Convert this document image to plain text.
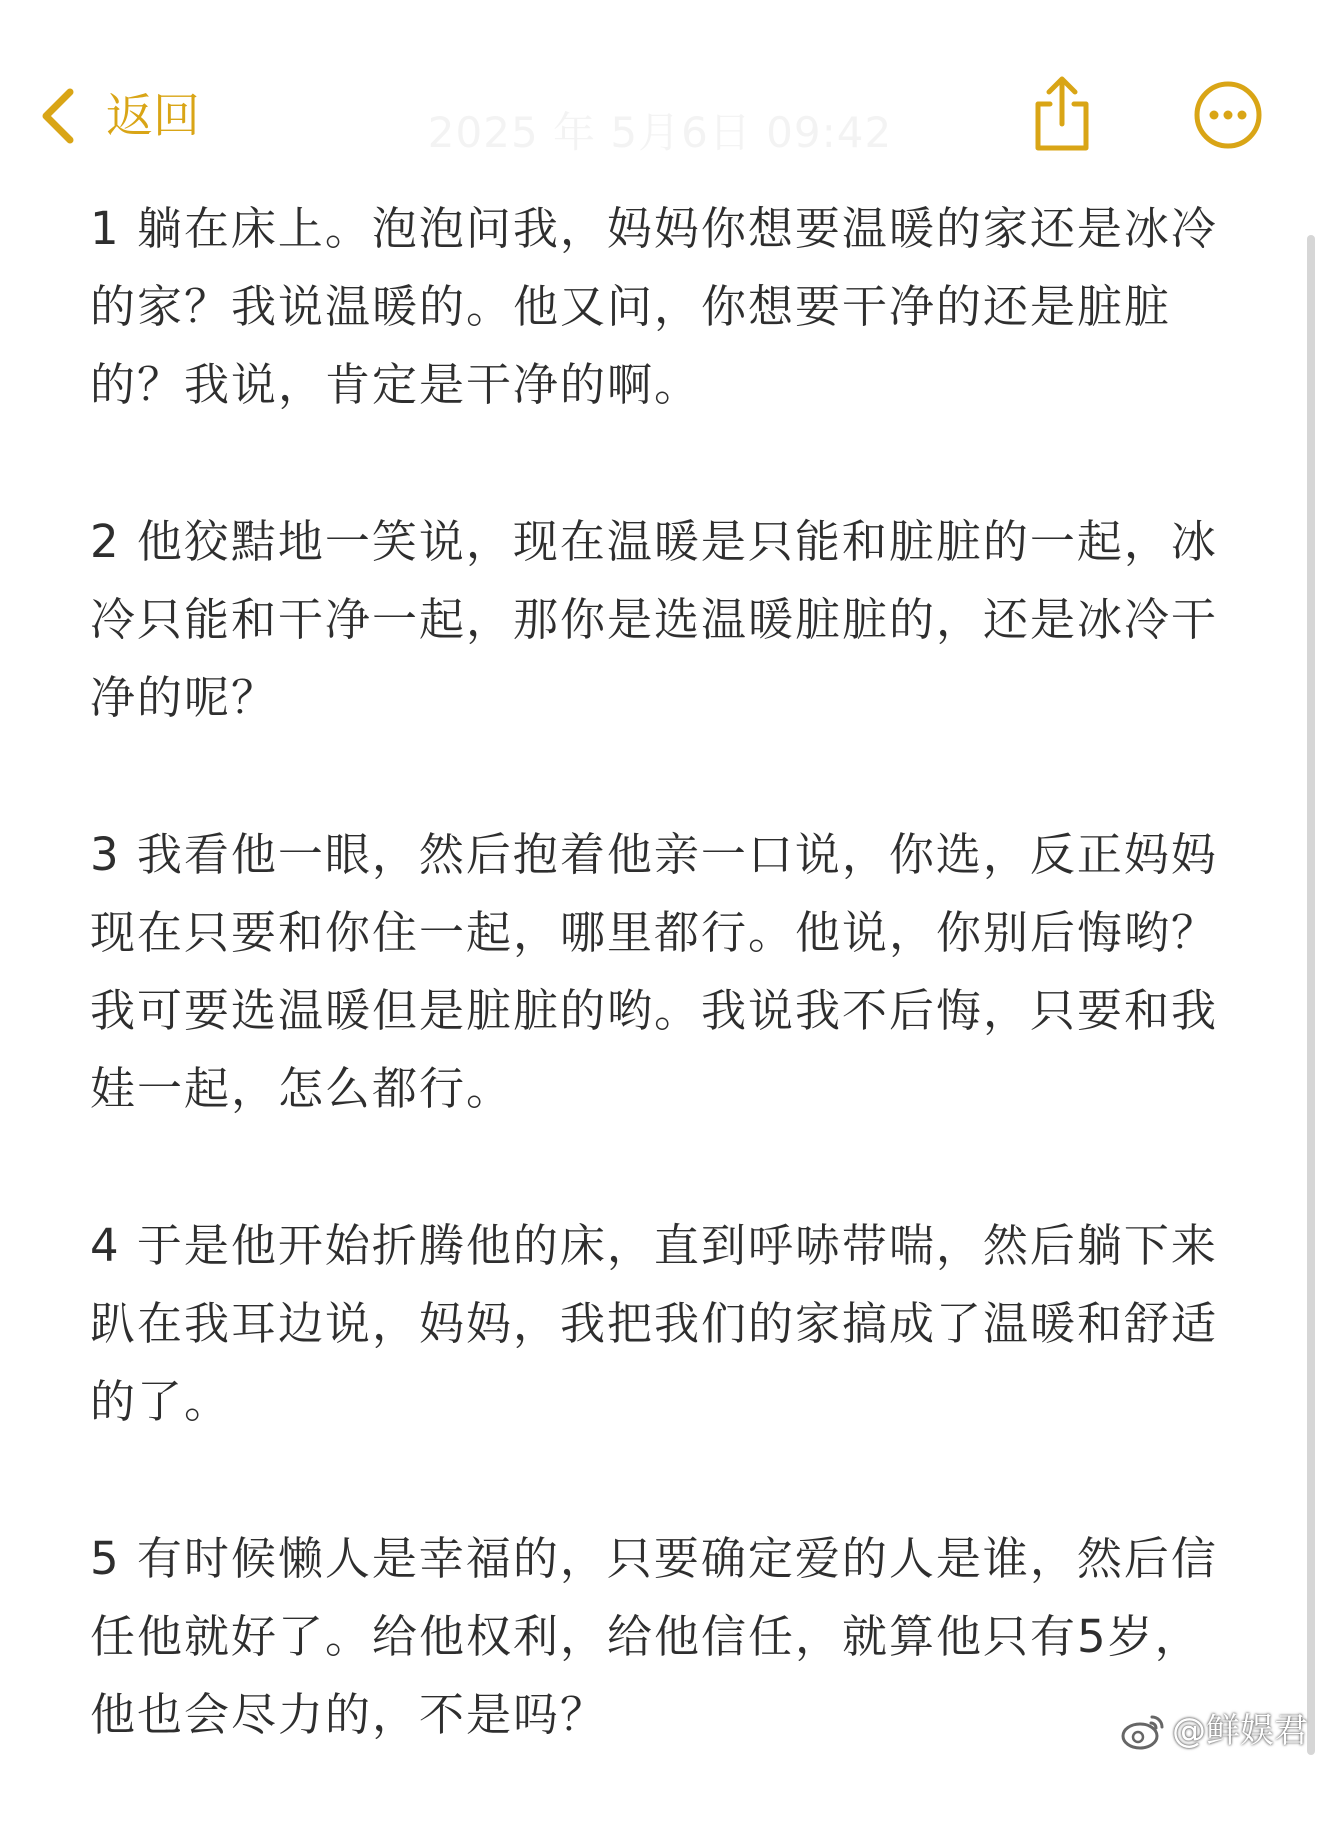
返回	2025 年 5月6日 09:42

1 躺在床上。泡泡问我，妈妈你想要温暖的家还是冰冷的家？我说温暖的。他又问，你想要干净的还是脏脏的？我说，肯定是干净的啊。

2 他狡黠地一笑说，现在温暖是只能和脏脏的一起，冰冷只能和干净一起，那你是选温暖脏脏的，还是冰冷干净的呢？

3 我看他一眼，然后抱着他亲一口说，你选，反正妈妈现在只要和你住一起，哪里都行。他说，你别后悔哟？我可要选温暖但是脏脏的哟。我说我不后悔，只要和我娃一起，怎么都行。

4 于是他开始折腾他的床，直到呼哧带喘，然后躺下来趴在我耳边说，妈妈，我把我们的家搞成了温暖和舒适的了。

5 有时候懒人是幸福的，只要确定爱的人是谁，然后信任他就好了。给他权利，给他信任，就算他只有5岁，他也会尽力的，不是吗？	@鲜娱君
